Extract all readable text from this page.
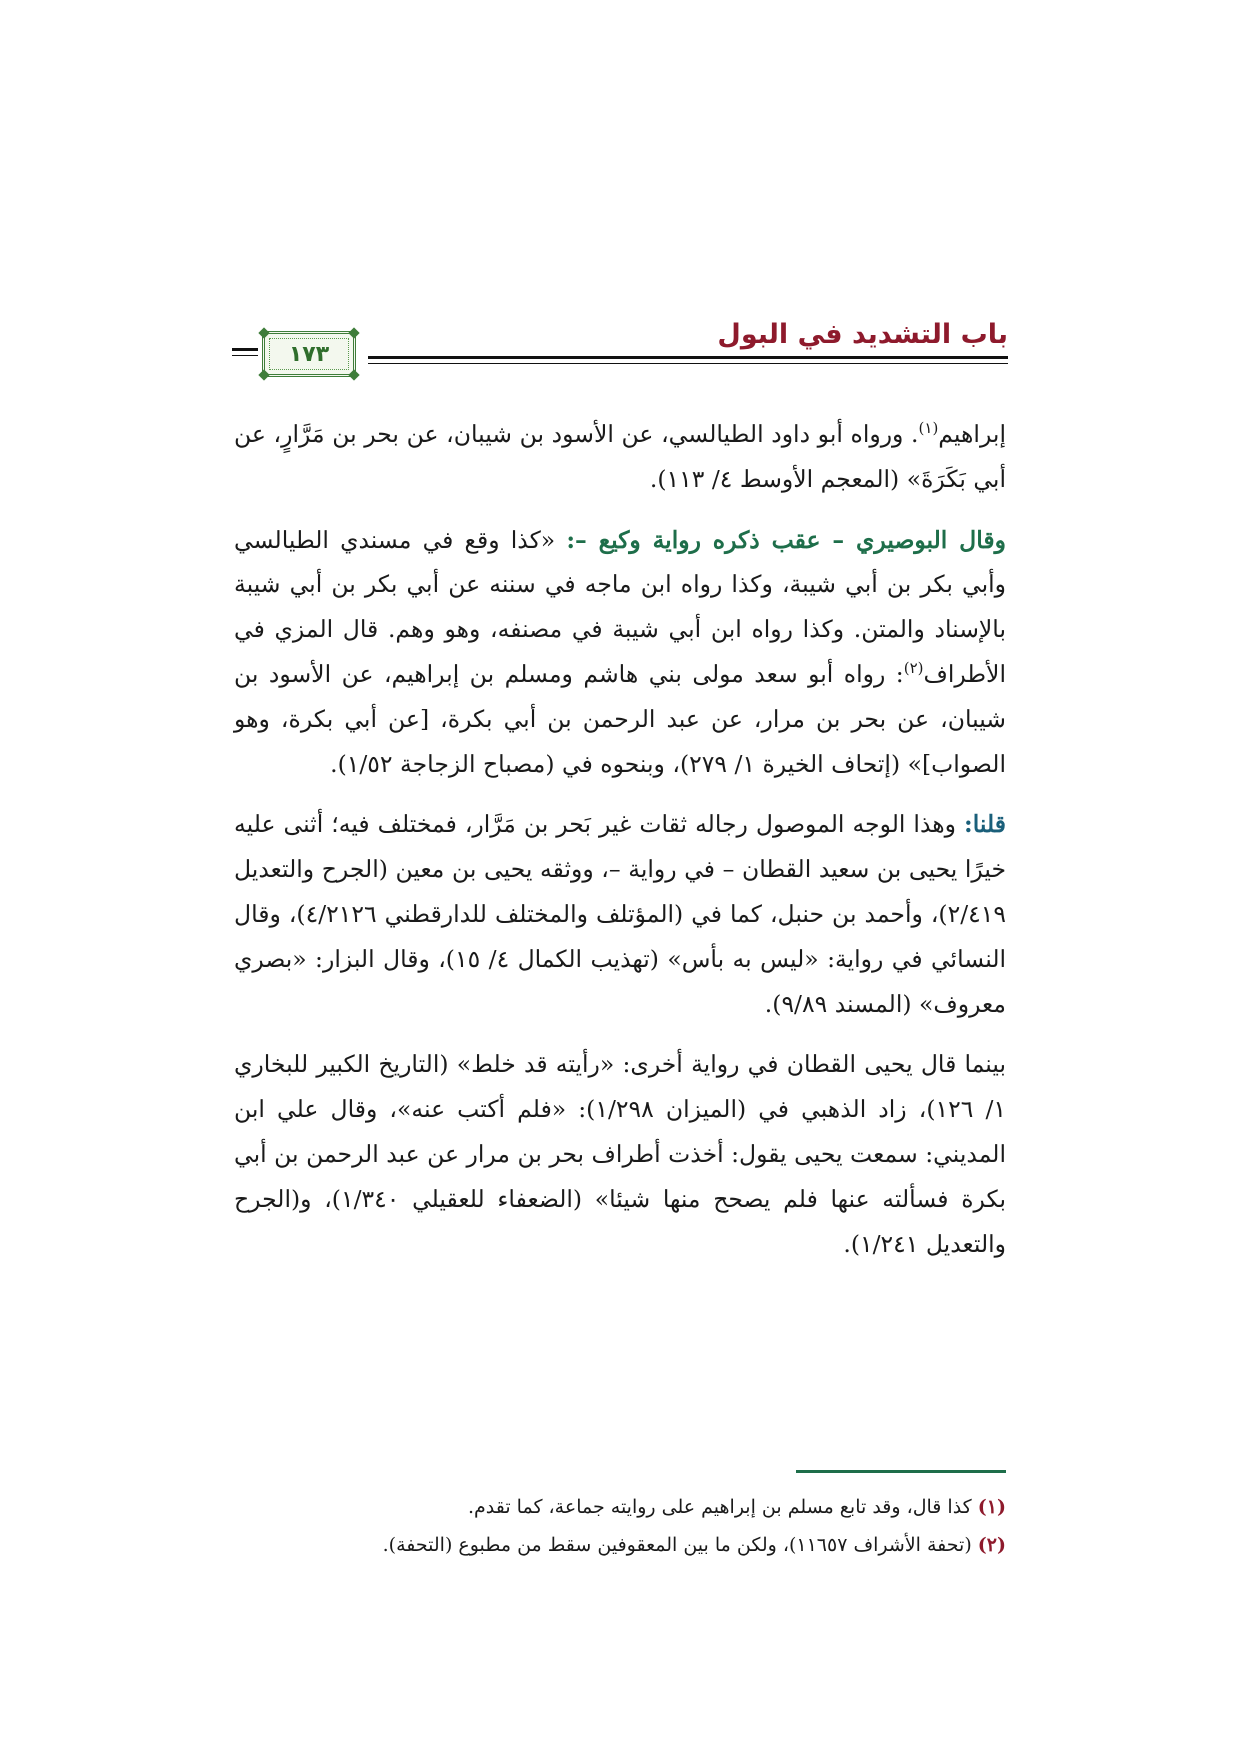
باب التشديد في البول
١٧٣

إبراهيم$^{(١)}$. ورواه أبو داود الطيالسي، عن الأسود بن شيبان، عن بحر بن مَرَّارٍ، عن أبي بَكَرَةَ» (المعجم الأوسط ٤/ ١١٣).

وقال البوصيري – عقب ذكره رواية وكيع –: «كذا وقع في مسندي الطيالسي وأبي بكر بن أبي شيبة، وكذا رواه ابن ماجه في سننه عن أبي بكر بن أبي شيبة بالإسناد والمتن. وكذا رواه ابن أبي شيبة في مصنفه، وهو وهم. قال المزي في الأطراف$^{(٢)}$: رواه أبو سعد مولى بني هاشم ومسلم بن إبراهيم، عن الأسود بن شيبان، عن بحر بن مرار، عن عبد الرحمن بن أبي بكرة، [عن أبي بكرة، وهو الصواب]» (إتحاف الخيرة ١/ ٢٧٩)، وبنحوه في (مصباح الزجاجة ١/٥٢).

قلنا: وهذا الوجه الموصول رجاله ثقات غير بَحر بن مَرَّار، فمختلف فيه؛ أثنى عليه خيرًا يحيى بن سعيد القطان – في رواية –، ووثقه يحيى بن معين (الجرح والتعديل ٢/٤١٩)، وأحمد بن حنبل، كما في (المؤتلف والمختلف للدارقطني ٤/٢١٢٦)، وقال النسائي في رواية: «ليس به بأس» (تهذيب الكمال ٤/ ١٥)، وقال البزار: «بصري معروف» (المسند ٩/٨٩).

بينما قال يحيى القطان في رواية أخرى: «رأيته قد خلط» (التاريخ الكبير للبخاري ١/ ١٢٦)، زاد الذهبي في (الميزان ١/٢٩٨): «فلم أكتب عنه»، وقال علي ابن المديني: سمعت يحيى يقول: أخذت أطراف بحر بن مرار عن عبد الرحمن بن أبي بكرة فسألته عنها فلم يصحح منها شيئا» (الضعفاء للعقيلي ١/٣٤٠)، و(الجرح والتعديل ١/٢٤١).

(١) كذا قال، وقد تابع مسلم بن إبراهيم على روايته جماعة، كما تقدم.

(٢) (تحفة الأشراف ١١٦٥٧)، ولكن ما بين المعقوفين سقط من مطبوع (التحفة).
